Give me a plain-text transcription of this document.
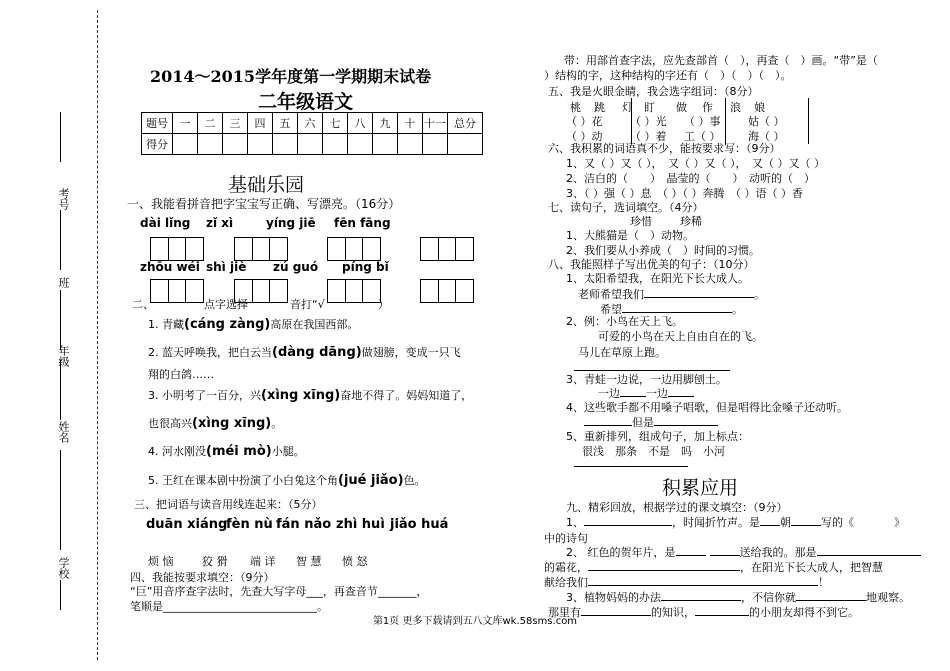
考号
班
年级
姓名
学校
2014～2015学年度第一学期期末试卷
二年级语文
题号	一	二	三	四	五	六	七	八	九	十	十一	总分
得分												
基础乐园
一、我能看拼音把字宝宝写正确、写漂亮。（16分）
dài lǐng zǐ xì	yíng jiē fēn fāng
zhōu wéi shì jiè zú guó píng bǐ
二、	点字选择	音打“√	）
1. 青藏(cáng zàng)高原在我国西部。
2. 蓝天呼唤我，把白云当(dàng dāng)做翅膀，变成一只飞
翔的白鸽……
3. 小明考了一百分，兴(xìng xīng)奋地不得了。妈妈知道了，
也很高兴(xìng xīng)。
4. 河水刚没(méi mò)小腿。
5. 王红在课本剧中扮演了小白兔这个角(jué jiǎo)色。
三、把词语与读音用线连起来：（5分）
duān xiáng
fèn nù fán nǎo zhì huì jiǎo huá
烦 恼	狡 猾 端 详 智 慧 愤 怒
四、我能按要求填空：（9分）
“巨”用音序查字法时，先查大写字母___，再查音节_______，
笔顺是____________________________。
带：用部首查字法，应先查部首（　），再查（　）画。“带”是（
）结构的字，这种结构的字还有（　）（　）（　）。
五、我是火眼金睛，我会选字组词：（8分）
桃 跳 灯 盯 做 作 浪 娘
（ ）花	（ ）光 （ ）事	姑（ ）
（ ）动	（ ）着 工（ ）	海（ ）
六、我积累的词语真不少，能按要求写：（9分）
1、又（ ）又（ ），　又（ ）又（ ），　又（ ）又（ ）
2、洁白的（　　）　晶莹的（　　）　动听的（　）
3、（ ）强（ ）息　（ ）（ ）奔腾　（ ）语（ ）香
七、读句子，选词填空。（4分）
珍惜	珍稀
1、大熊猫是（　）动物。
2、我们要从小养成（　）时间的习惯。
八、我能照样子写出优美的句子：（10分）
1、太阳希望我，在阳光下长大成人。
老师希望我们	。
希望	。
2、例：小鸟在天上飞。
可爱的小鸟在天上自由自在的飞。
马儿在草原上跑。
3、青蛙一边说，一边用脚刨土。
一边 一边
4、这些歌手都不用嗓子唱歌，但是唱得比金嗓子还动听。
但是
5、重新排列，组成句子，加上标点：
很浅　那条　不是　吗　小河
积累应用
九、精彩回放，根据学过的课文填空：（9分）
1、	，时闻折竹声。是 朝	写的《	》
中的诗句
2、 红色的贺年片，是	送给我的。那是
的霜花，	，在阳光下长大成人，把智慧
献给我们	！
3、植物妈妈的办法	，不信你就	地观察。
那里有	的知识，	的小朋友却得不到它。
第1页 更多下载请到五八文库wk.58sms.com
